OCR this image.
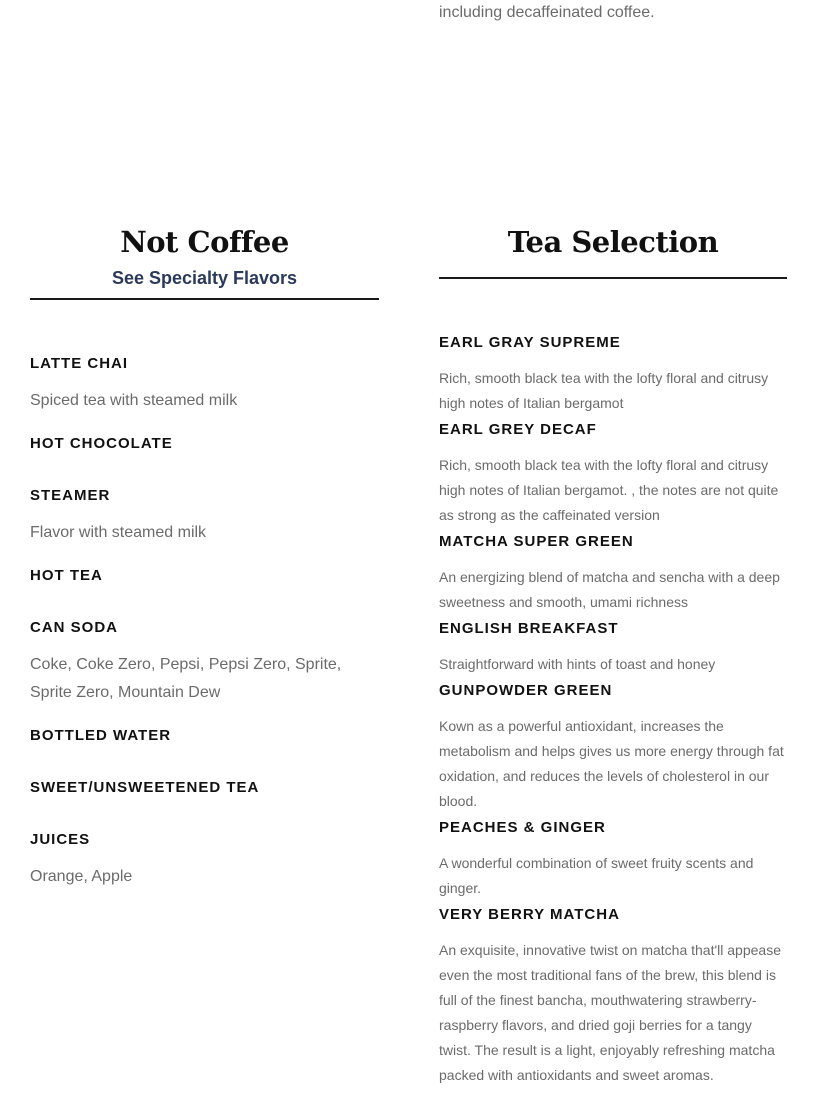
including decaffeinated coffee.
Not Coffee
See Specialty Flavors
LATTE CHAI
Spiced tea with steamed milk
HOT CHOCOLATE
STEAMER
Flavor with steamed milk
HOT TEA
CAN SODA
Coke, Coke Zero, Pepsi, Pepsi Zero, Sprite, Sprite Zero, Mountain Dew
BOTTLED WATER
SWEET/UNSWEETENED TEA
JUICES
Orange, Apple
Tea Selection
EARL GRAY SUPREME
Rich, smooth black tea with the lofty floral and citrusy high notes of Italian bergamot
EARL GREY DECAF
Rich, smooth black tea with the lofty floral and citrusy high notes of Italian bergamot. , the notes are not quite as strong as the caffeinated version
MATCHA SUPER GREEN
An energizing blend of matcha and sencha with a deep sweetness and smooth, umami richness
ENGLISH BREAKFAST
Straightforward with hints of toast and honey
GUNPOWDER GREEN
Kown as a powerful antioxidant, increases the metabolism and helps gives us more energy through fat oxidation, and reduces the levels of cholesterol in our blood.
PEACHES & GINGER
A wonderful combination of sweet fruity scents and ginger.
VERY BERRY MATCHA
An exquisite, innovative twist on matcha that'll appease even the most traditional fans of the brew, this blend is full of the finest bancha, mouthwatering strawberry-raspberry flavors, and dried goji berries for a tangy twist. The result is a light, enjoyably refreshing matcha packed with antioxidants and sweet aromas.
